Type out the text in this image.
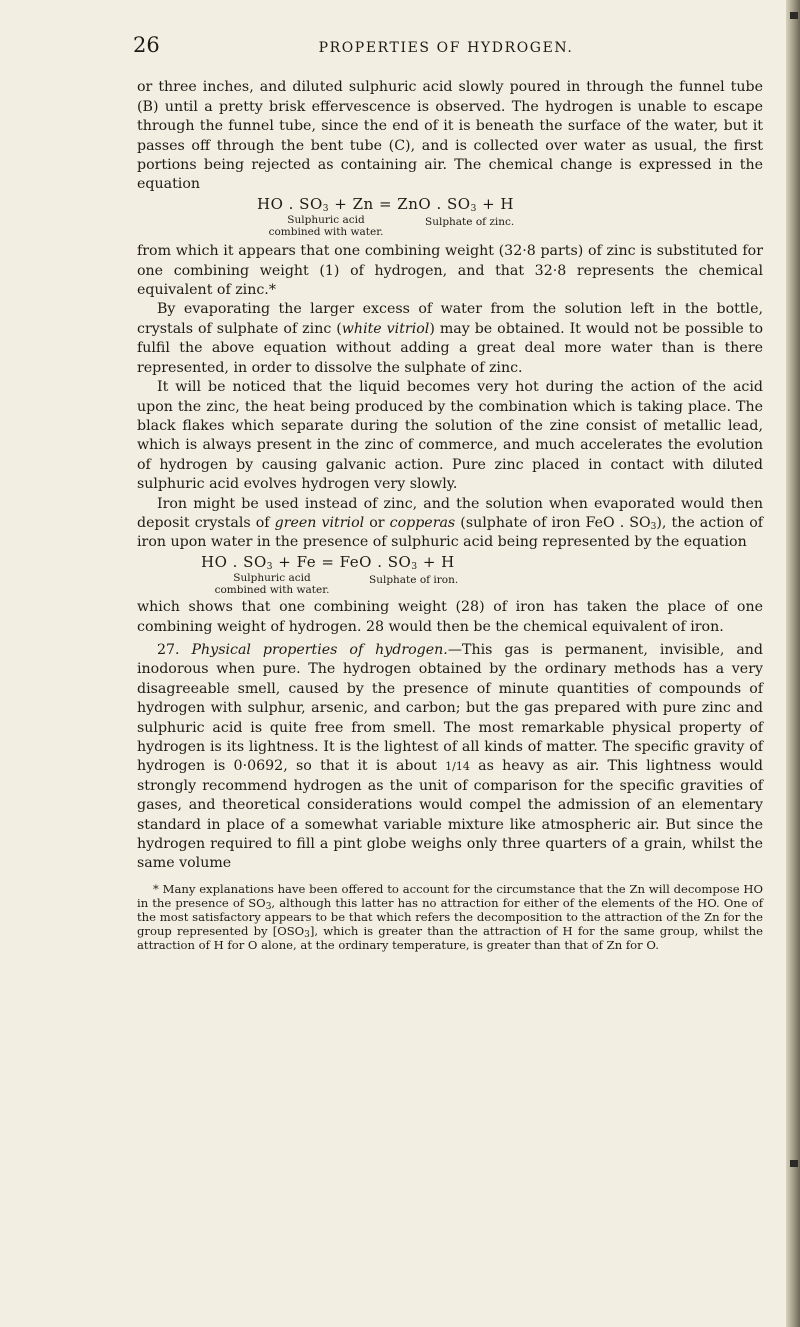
26	PROPERTIES OF HYDROGEN.

or three inches, and diluted sulphuric acid slowly poured in through the funnel tube (B) until a pretty brisk effervescence is observed. The hydrogen is unable to escape through the funnel tube, since the end of it is beneath the surface of the water, but it passes off through the bent tube (C), and is collected over water as usual, the first portions being rejected as containing air. The chemical change is expressed in the equation

HO . $SO_3 + Zn$ = ZnO . $SO_3 + H$
Sulphuric acid
combined with water.
Sulphate of zinc.

from which it appears that one combining weight (32·8 parts) of zinc is substituted for one combining weight (1) of hydrogen, and that 32·8 represents the chemical equivalent of zinc.*

By evaporating the larger excess of water from the solution left in the bottle, crystals of sulphate of zinc (white vitriol) may be obtained. It would not be possible to fulfil the above equation without adding a great deal more water than is there represented, in order to dissolve the sulphate of zinc.

It will be noticed that the liquid becomes very hot during the action of the acid upon the zinc, the heat being produced by the combination which is taking place. The black flakes which separate during the solution of the zine consist of metallic lead, which is always present in the zinc of commerce, and much accelerates the evolution of hydrogen by causing galvanic action. Pure zinc placed in contact with diluted sulphuric acid evolves hydrogen very slowly.

Iron might be used instead of zinc, and the solution when evaporated would then deposit crystals of green vitriol or copperas (sulphate of iron FeO . $SO_3$), the action of iron upon water in the presence of sulphuric acid being represented by the equation

HO . $SO_3 + Fe$ = FeO . $SO_3 + H$
Sulphuric acid
combined with water.
Sulphate of iron.

which shows that one combining weight (28) of iron has taken the place of one combining weight of hydrogen. 28 would then be the chemical equivalent of iron.

27. Physical properties of hydrogen.—This gas is permanent, invisible, and inodorous when pure. The hydrogen obtained by the ordinary methods has a very disagreeable smell, caused by the presence of minute quantities of compounds of hydrogen with sulphur, arsenic, and carbon; but the gas prepared with pure zinc and sulphuric acid is quite free from smell. The most remarkable physical property of hydrogen is its lightness. It is the lightest of all kinds of matter. The specific gravity of hydrogen is 0·0692, so that it is about 1/14 as heavy as air. This lightness would strongly recommend hydrogen as the unit of comparison for the specific gravities of gases, and theoretical considerations would compel the admission of an elementary standard in place of a somewhat variable mixture like atmospheric air. But since the hydrogen required to fill a pint globe weighs only three quarters of a grain, whilst the same volume

* Many explanations have been offered to account for the circumstance that the Zn will decompose HO in the presence of $SO_3$, although this latter has no attraction for either of the elements of the HO. One of the most satisfactory appears to be that which refers the decomposition to the attraction of the Zn for the group represented by $[OSO_3]$, which is greater than the attraction of H for the same group, whilst the attraction of H for O alone, at the ordinary temperature, is greater than that of Zn for O.
